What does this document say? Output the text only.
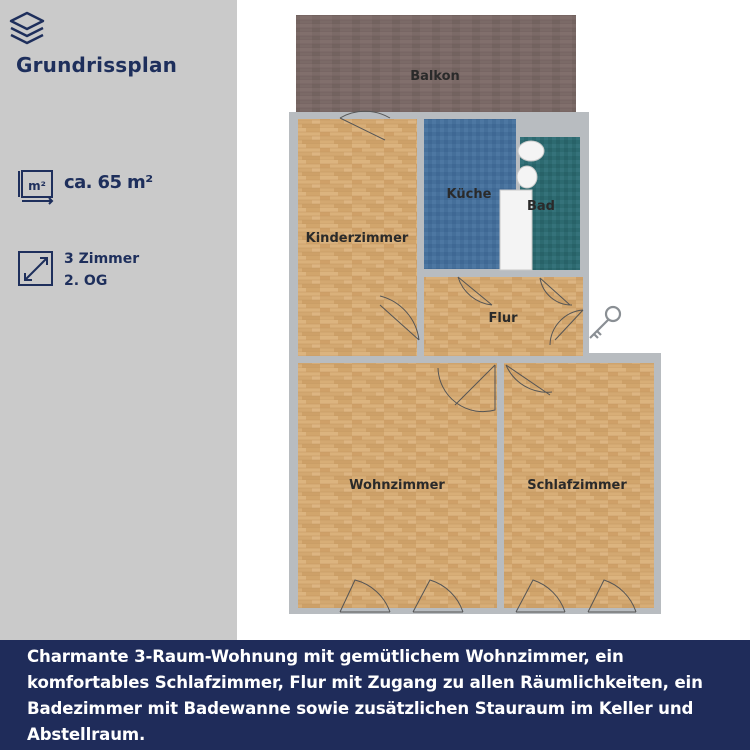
Grundrissplan
m² ca. 65 m²
3 Zimmer
2. OG
Balkon
Küche
Bad
Kinderzimmer
Flur
Wohnzimmer	Schlafzimmer
Charmante 3-Raum-Wohnung mit gemütlichem Wohnzimmer, ein komfortables Schlafzimmer, Flur mit Zugang zu allen Räumlichkeiten, ein Badezimmer mit Badewanne sowie zusätzlichen Stauraum im Keller und Abstellraum.
